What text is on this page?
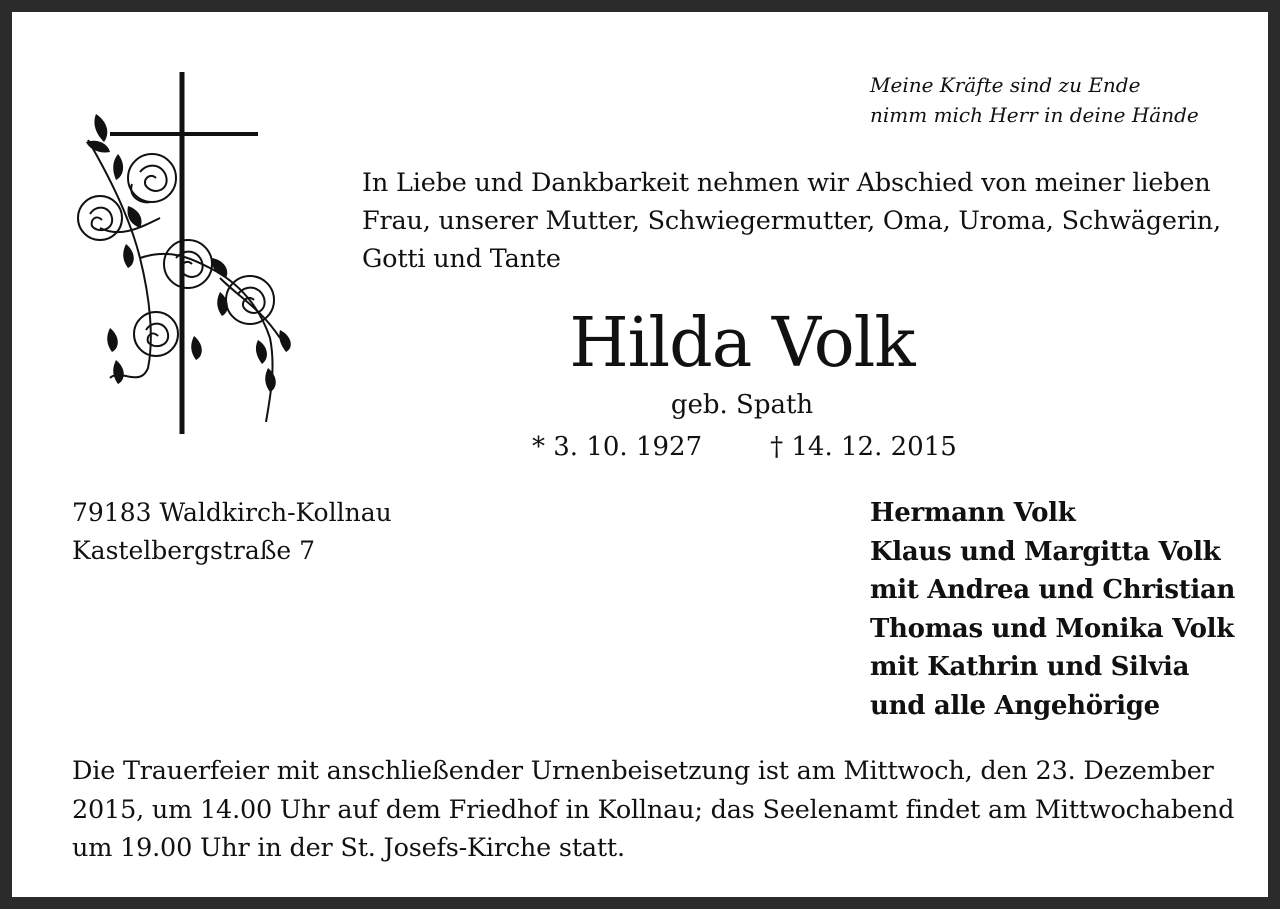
Meine Kräfte sind zu Ende
nimm mich Herr in deine Hände
In Liebe und Dankbarkeit nehmen wir Abschied von meiner lieben
Frau, unserer Mutter, Schwiegermutter, Oma, Uroma, Schwägerin,
Gotti und Tante
Hilda Volk
geb. Spath
* 3. 10. 1927	† 14. 12. 2015
79183 Waldkirch-Kollnau
Kastelbergstraße 7
Hermann Volk
Klaus und Margitta Volk
mit Andrea und Christian
Thomas und Monika Volk
mit Kathrin und Silvia
und alle Angehörige
Die Trauerfeier mit anschließender Urnenbeisetzung ist am Mittwoch, den 23. Dezember
2015, um 14.00 Uhr auf dem Friedhof in Kollnau; das Seelenamt findet am Mittwochabend
um 19.00 Uhr in der St. Josefs-Kirche statt.
